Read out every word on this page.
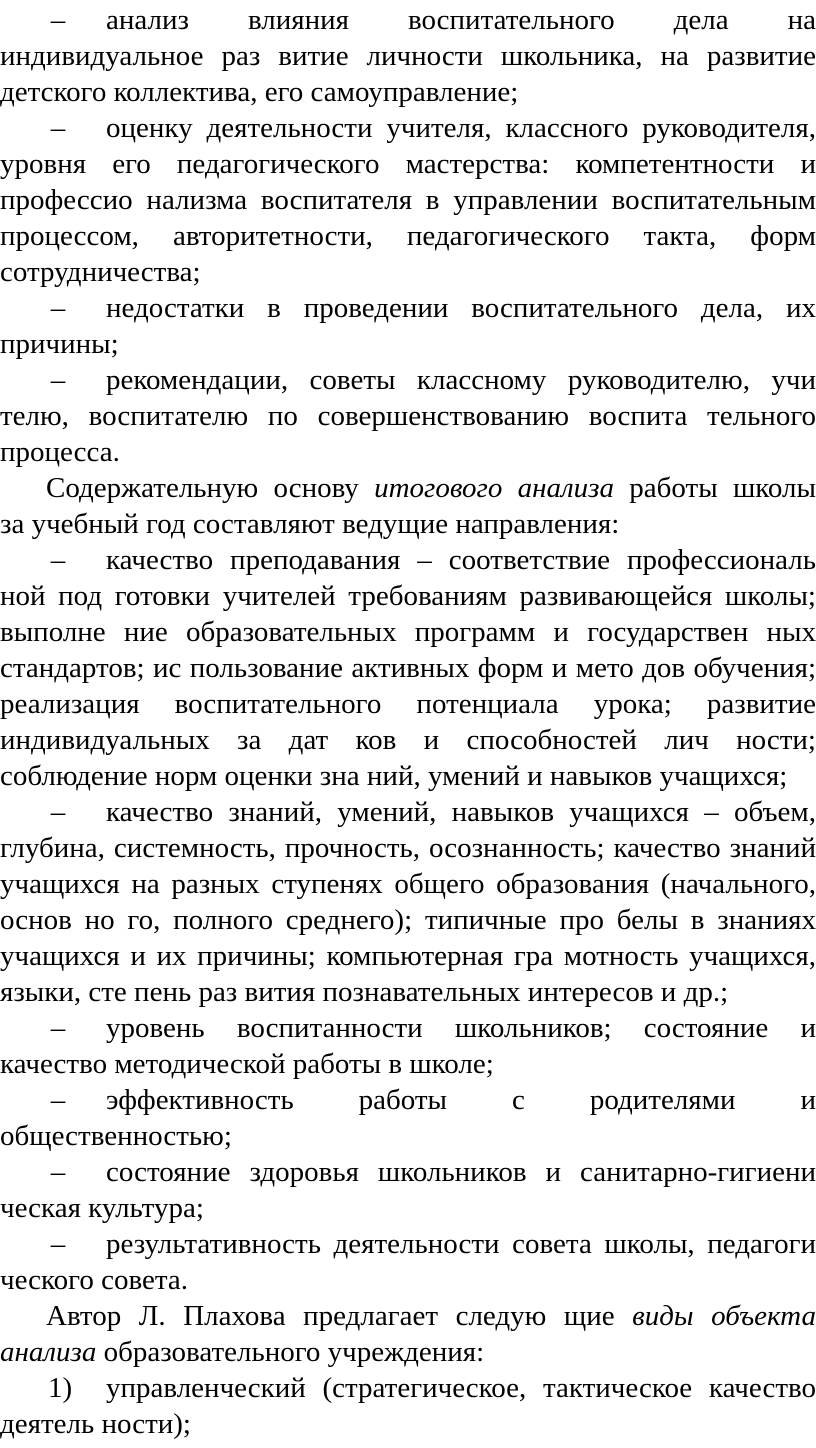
– анализ влияния воспитательного дела на
индивидуальное раз витие личности школьника, на развитие
детского коллектива, его самоуправление;
– оценку деятельности учителя, классного руководителя,
уровня его педагогического мастерства: компетентности и
профессио нализма воспитателя в управлении воспитательным
процессом, авторитетности, педагогического такта, форм
сотрудничества;
– недостатки в проведении воспитательного дела, их
причины;
– рекомендации, советы классному руководителю, учи
телю, воспитателю по совершенствованию воспита тельного
процесса.
Содержательную основу итогового анализа работы школы
за учебный год составляют ведущие направления:
– качество преподавания – соответствие профессиональ
ной под готовки учителей требованиям развивающейся школы;
выполне ние образовательных программ и государствен ных
стандартов; ис пользование активных форм и мето дов обучения;
реализация воспитательного потенциала урока; развитие
индивидуальных за дат ков и способностей лич ности;
соблюдение норм оценки зна ний, умений и навыков учащихся;
– качество знаний, умений, навыков учащихся – объем,
глубина, системность, прочность, осознанность; качество знаний
учащихся на разных ступенях общего образования (начального,
основ но го, полного среднего); типичные про белы в знаниях
учащихся и их причины; компьютерная гра мотность учащихся,
языки, сте пень раз вития познавательных интересов и др.;
– уровень воспитанности школьников; состояние и
качество методической работы в школе;
– эффективность работы с родителями и
общественностью;
– состояние здоровья школьников и санитарно-гигиени
ческая культура;
– результативность деятельности совета школы, педагоги
ческого совета.
Автор Л. Плахова предлагает следую щие виды объекта
анализа образовательного учреждения:
1)	управленческий (стратегическое, тактическое качество
деятель ности);
